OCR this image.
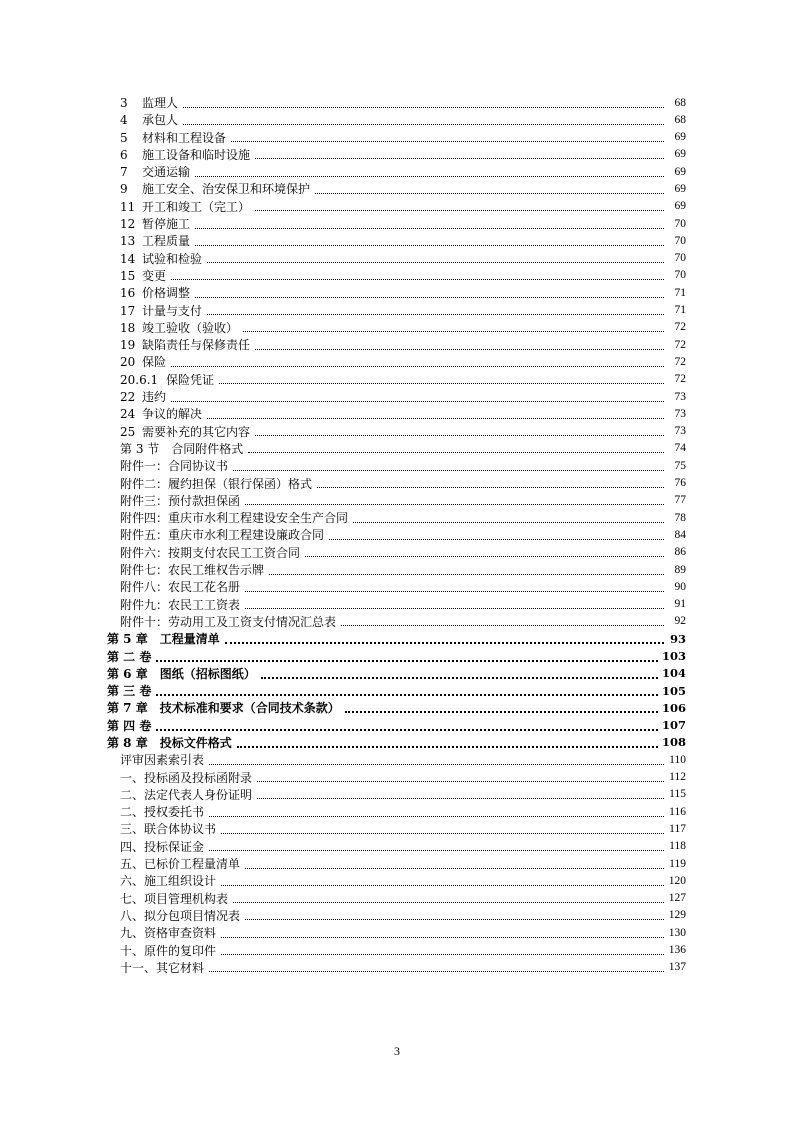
3 监理人	68
4 承包人	68
5 材料和工程设备	69
6 施工设备和临时设施	69
7 交通运输	69
9 施工安全、治安保卫和环境保护	69
11 开工和竣工（完工）	69
12 暂停施工	70
13 工程质量	70
14 试验和检验	70
15 变更	70
16 价格调整	71
17 计量与支付	71
18 竣工验收（验收）	72
19 缺陷责任与保修责任	72
20 保险	72
20.6.1 保险凭证	72
22 违约	73
24 争议的解决	73
25 需要补充的其它内容	73
第 3 节　合同附件格式	74
附件一：合同协议书	75
附件二：履约担保（银行保函）格式	76
附件三：预付款担保函	77
附件四：重庆市水利工程建设安全生产合同	78
附件五：重庆市水利工程建设廉政合同	84
附件六：按期支付农民工工资合同	86
附件七：农民工维权告示牌	89
附件八：农民工花名册	90
附件九：农民工工资表	91
附件十：劳动用工及工资支付情况汇总表	92
第 5 章　工程量清单	93
第 二 卷	103
第 6 章　图纸（招标图纸）	104
第 三 卷	105
第 7 章　技术标准和要求（合同技术条款）	106
第 四 卷	107
第 8 章　投标文件格式	108
评审因素索引表	110
一、投标函及投标函附录	112
二、法定代表人身份证明	115
二、授权委托书	116
三、联合体协议书	117
四、投标保证金	118
五、已标价工程量清单	119
六、施工组织设计	120
七、项目管理机构表	127
八、拟分包项目情况表	129
九、资格审查资料	130
十、原件的复印件	136
十一、其它材料	137
3
